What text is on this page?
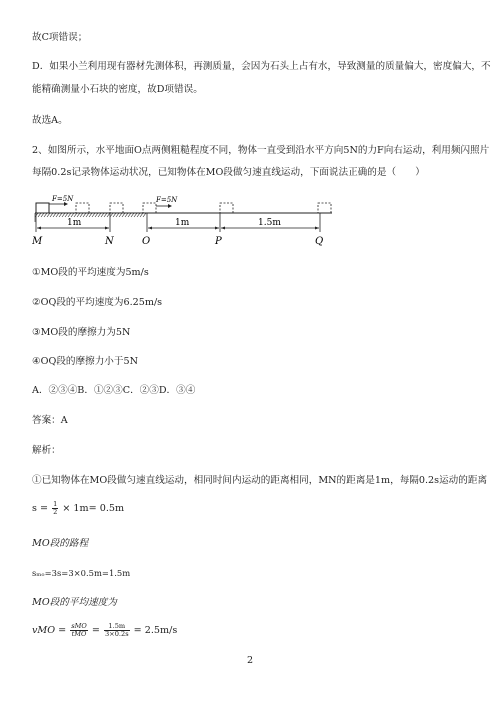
故C项错误；
D．如果小兰利用现有器材先测体积，再测质量，会因为石头上占有水，导致测量的质量偏大，密度偏大，不
能精确测量小石块的密度，故D项错误。
故选A。
2、如图所示，水平地面O点两侧粗糙程度不同，物体一直受到沿水平方向5N的力F向右运动，利用频闪照片
每隔0.2s记录物体运动状况，已知物体在MO段做匀速直线运动，下面说法正确的是（　　）
F=5N	F=5N
1m	1m	1.5m
M	N	O	P	Q
①MO段的平均速度为5m/s
②OQ段的平均速度为6.25m/s
③MO段的摩擦力为5N
④OQ段的摩擦力小于5N
A．②③④B．①②③C．②③D．③④
答案：A
解析：
①已知物体在MO段做匀速直线运动，相同时间内运动的距离相同，MN的距离是1m，每隔0.2s运动的距离
$s = \frac{1}{2} \times 1m= 0.5m$
MO段的路程
sₘₒ=3s=3×0.5m=1.5m
MO段的平均速度为
vMO = $\frac{\text{sMO}}{\text{tMO}} = \frac{1.5m}{3\times 0.2s} = 2.5m/s$
2
